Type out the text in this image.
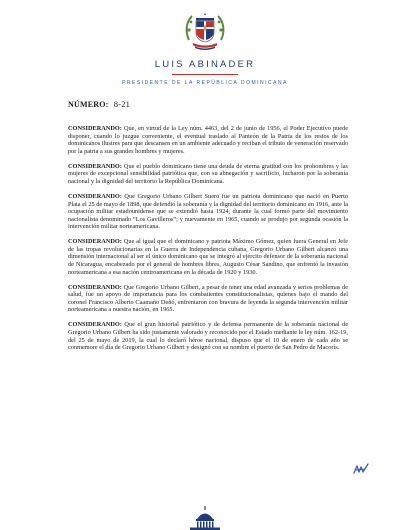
LUIS ABINADER
PRESIDENTE DE LA REPÚBLICA DOMINICANA
NÚMERO: 8-21

CONSIDERANDO: Que, en virtud de la Ley núm. 4463, del 2 de junio de 1956, el Poder Ejecutivo puede disponer, cuando lo juzgue conveniente, el eventual traslado al Panteón de la Patria de los restos de los dominicanos ilustres para que descansen en un ambiente adecuado y reciban el tributo de veneración reservado por la patria a sus grandes hombres y mujeres.

CONSIDERANDO: Que el pueblo dominicano tiene una deuda de eterna gratitud con los prohombres y las mujeres de excepcional sensibilidad patriótica que, con su abnegación y sacrificio, lucharon por la soberanía nacional y la dignidad del territorio la República Dominicana.

CONSIDERANDO: Que Gregorio Urbano Gilbert Suero fue un patriota dominicano que nació en Puerto Plata el 25 de mayo de 1898, que defendió la soberanía y la dignidad del territorio dominicano en 1916, ante la ocupación militar estadounidense que se extendió hasta 1924, durante la cual formó parte del movimiento nacionalista denominado “Los Gavilleros”; y nuevamente en 1965, cuando se produjo por segunda ocasión la intervención militar norteamericana.

CONSIDERANDO: Que al igual que el dominicano y patriota Máximo Gómez, quien fuera General en Jefe de las tropas revolucionarias en la Guerra de Independencia cubana, Gregorio Urbano Gilbert alcanzó una dimensión internacional al ser el único dominicano que se integró al ejército defensor de la soberanía nacional de Nicaragua, encabezado por el general de hombres libres, Augusto César Sandino, que enfrentó la invasión norteamericana a esa nación centroamericana en la década de 1920 y 1930.

CONSIDERANDO: Que Gregorio Urbano Gilbert, a pesar de tener una edad avanzada y serios problemas de salud, fue un apoyo de importancia para los combatientes constitucionalistas, quienes bajo el mando del coronel Francisco Alberto Caamaño Deñó, enfrentaron con bravura de leyenda la segunda intervención militar norteamericana a nuestra nación, en 1965.

CONSIDERANDO: Que el gran historial patriótico y de defensa permanente de la soberanía nacional de Gregorio Urbano Gilbert ha sido justamente valorado y reconocido por el Estado mediante le ley núm. 162-19, del 25 de mayo de 2019, la cual lo declaró héroe nacional, dispuso que el 10 de enero de cada año se conmemore el día de Gregorio Urbano Gilbert y designó con su nombre el puerto de San Pedro de Macorís.
